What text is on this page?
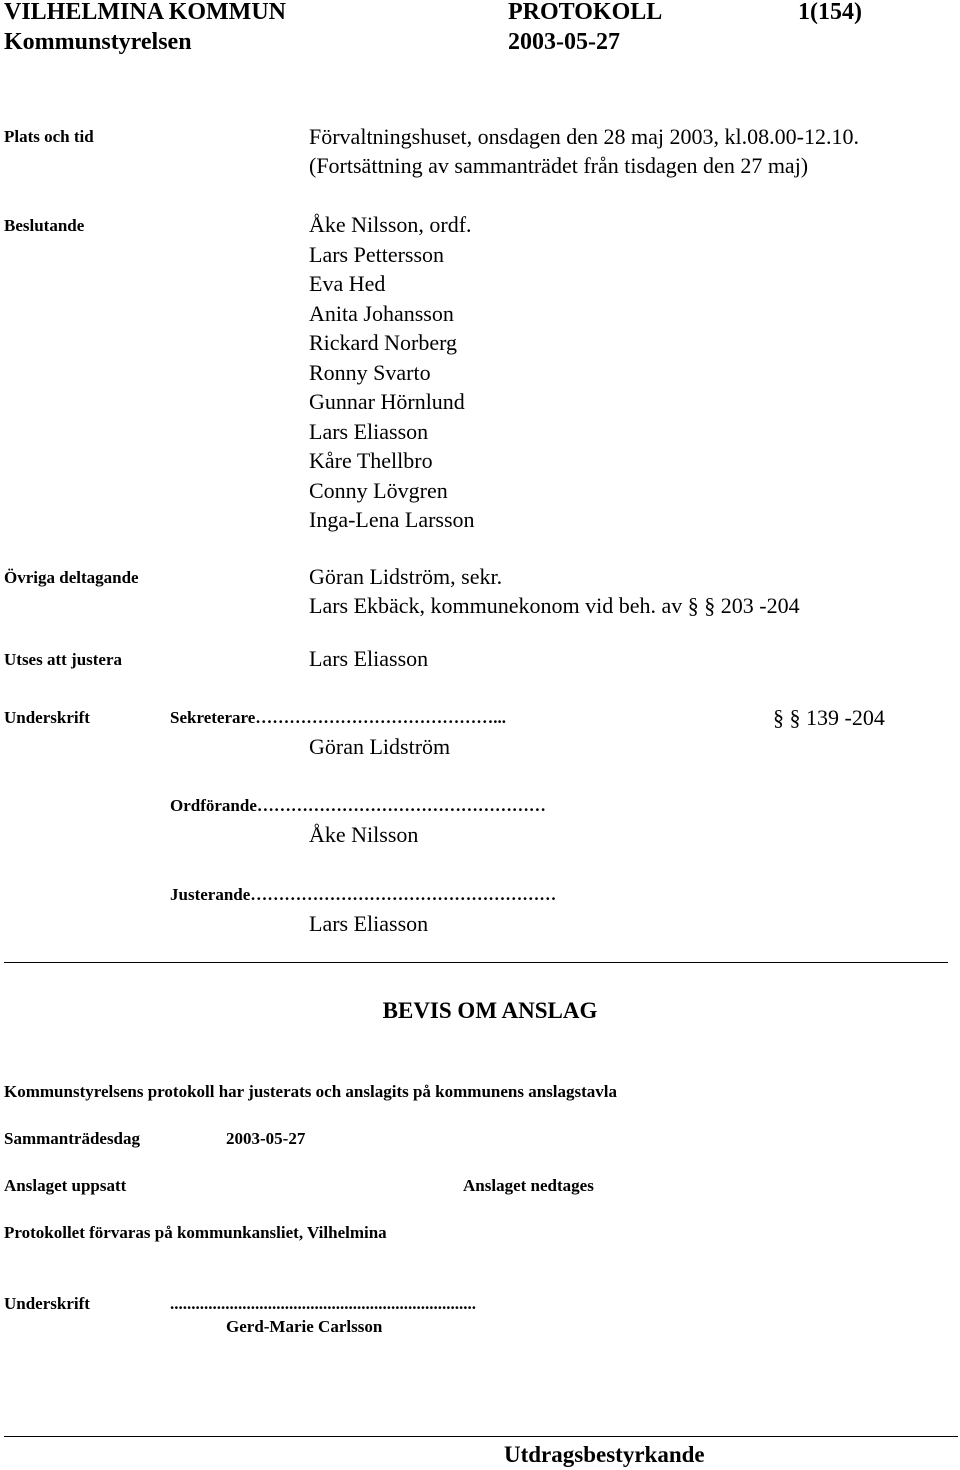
VILHELMINA KOMMUN	PROTOKOLL	1(154)
Kommunstyrelsen	2003-05-27
Plats och tid	Förvaltningshuset, onsdagen den 28 maj 2003, kl.08.00-12.10.
(Fortsättning av sammanträdet från tisdagen den 27 maj)
Beslutande	Åke Nilsson, ordf.
Lars Pettersson
Eva Hed
Anita Johansson
Rickard Norberg
Ronny Svarto
Gunnar Hörnlund
Lars Eliasson
Kåre Thellbro
Conny Lövgren
Inga-Lena Larsson
Övriga deltagande	Göran Lidström, sekr.
Lars Ekbäck, kommunekonom vid beh. av § § 203 -204
Utses att justera	Lars Eliasson
Underskrift	Sekreterare……………………………………...	§ § 139 -204
Göran Lidström
Ordförande……………………………………………
Åke Nilsson
Justerande………………………………………………
Lars Eliasson
BEVIS OM ANSLAG
Kommunstyrelsens protokoll har justerats och anslagits på kommunens anslagstavla
Sammanträdesdag	2003-05-27
Anslaget uppsatt	Anslaget nedtages
Protokollet förvaras på kommunkansliet, Vilhelmina
Underskrift	........................................................................
Gerd-Marie Carlsson
Utdragsbestyrkande
